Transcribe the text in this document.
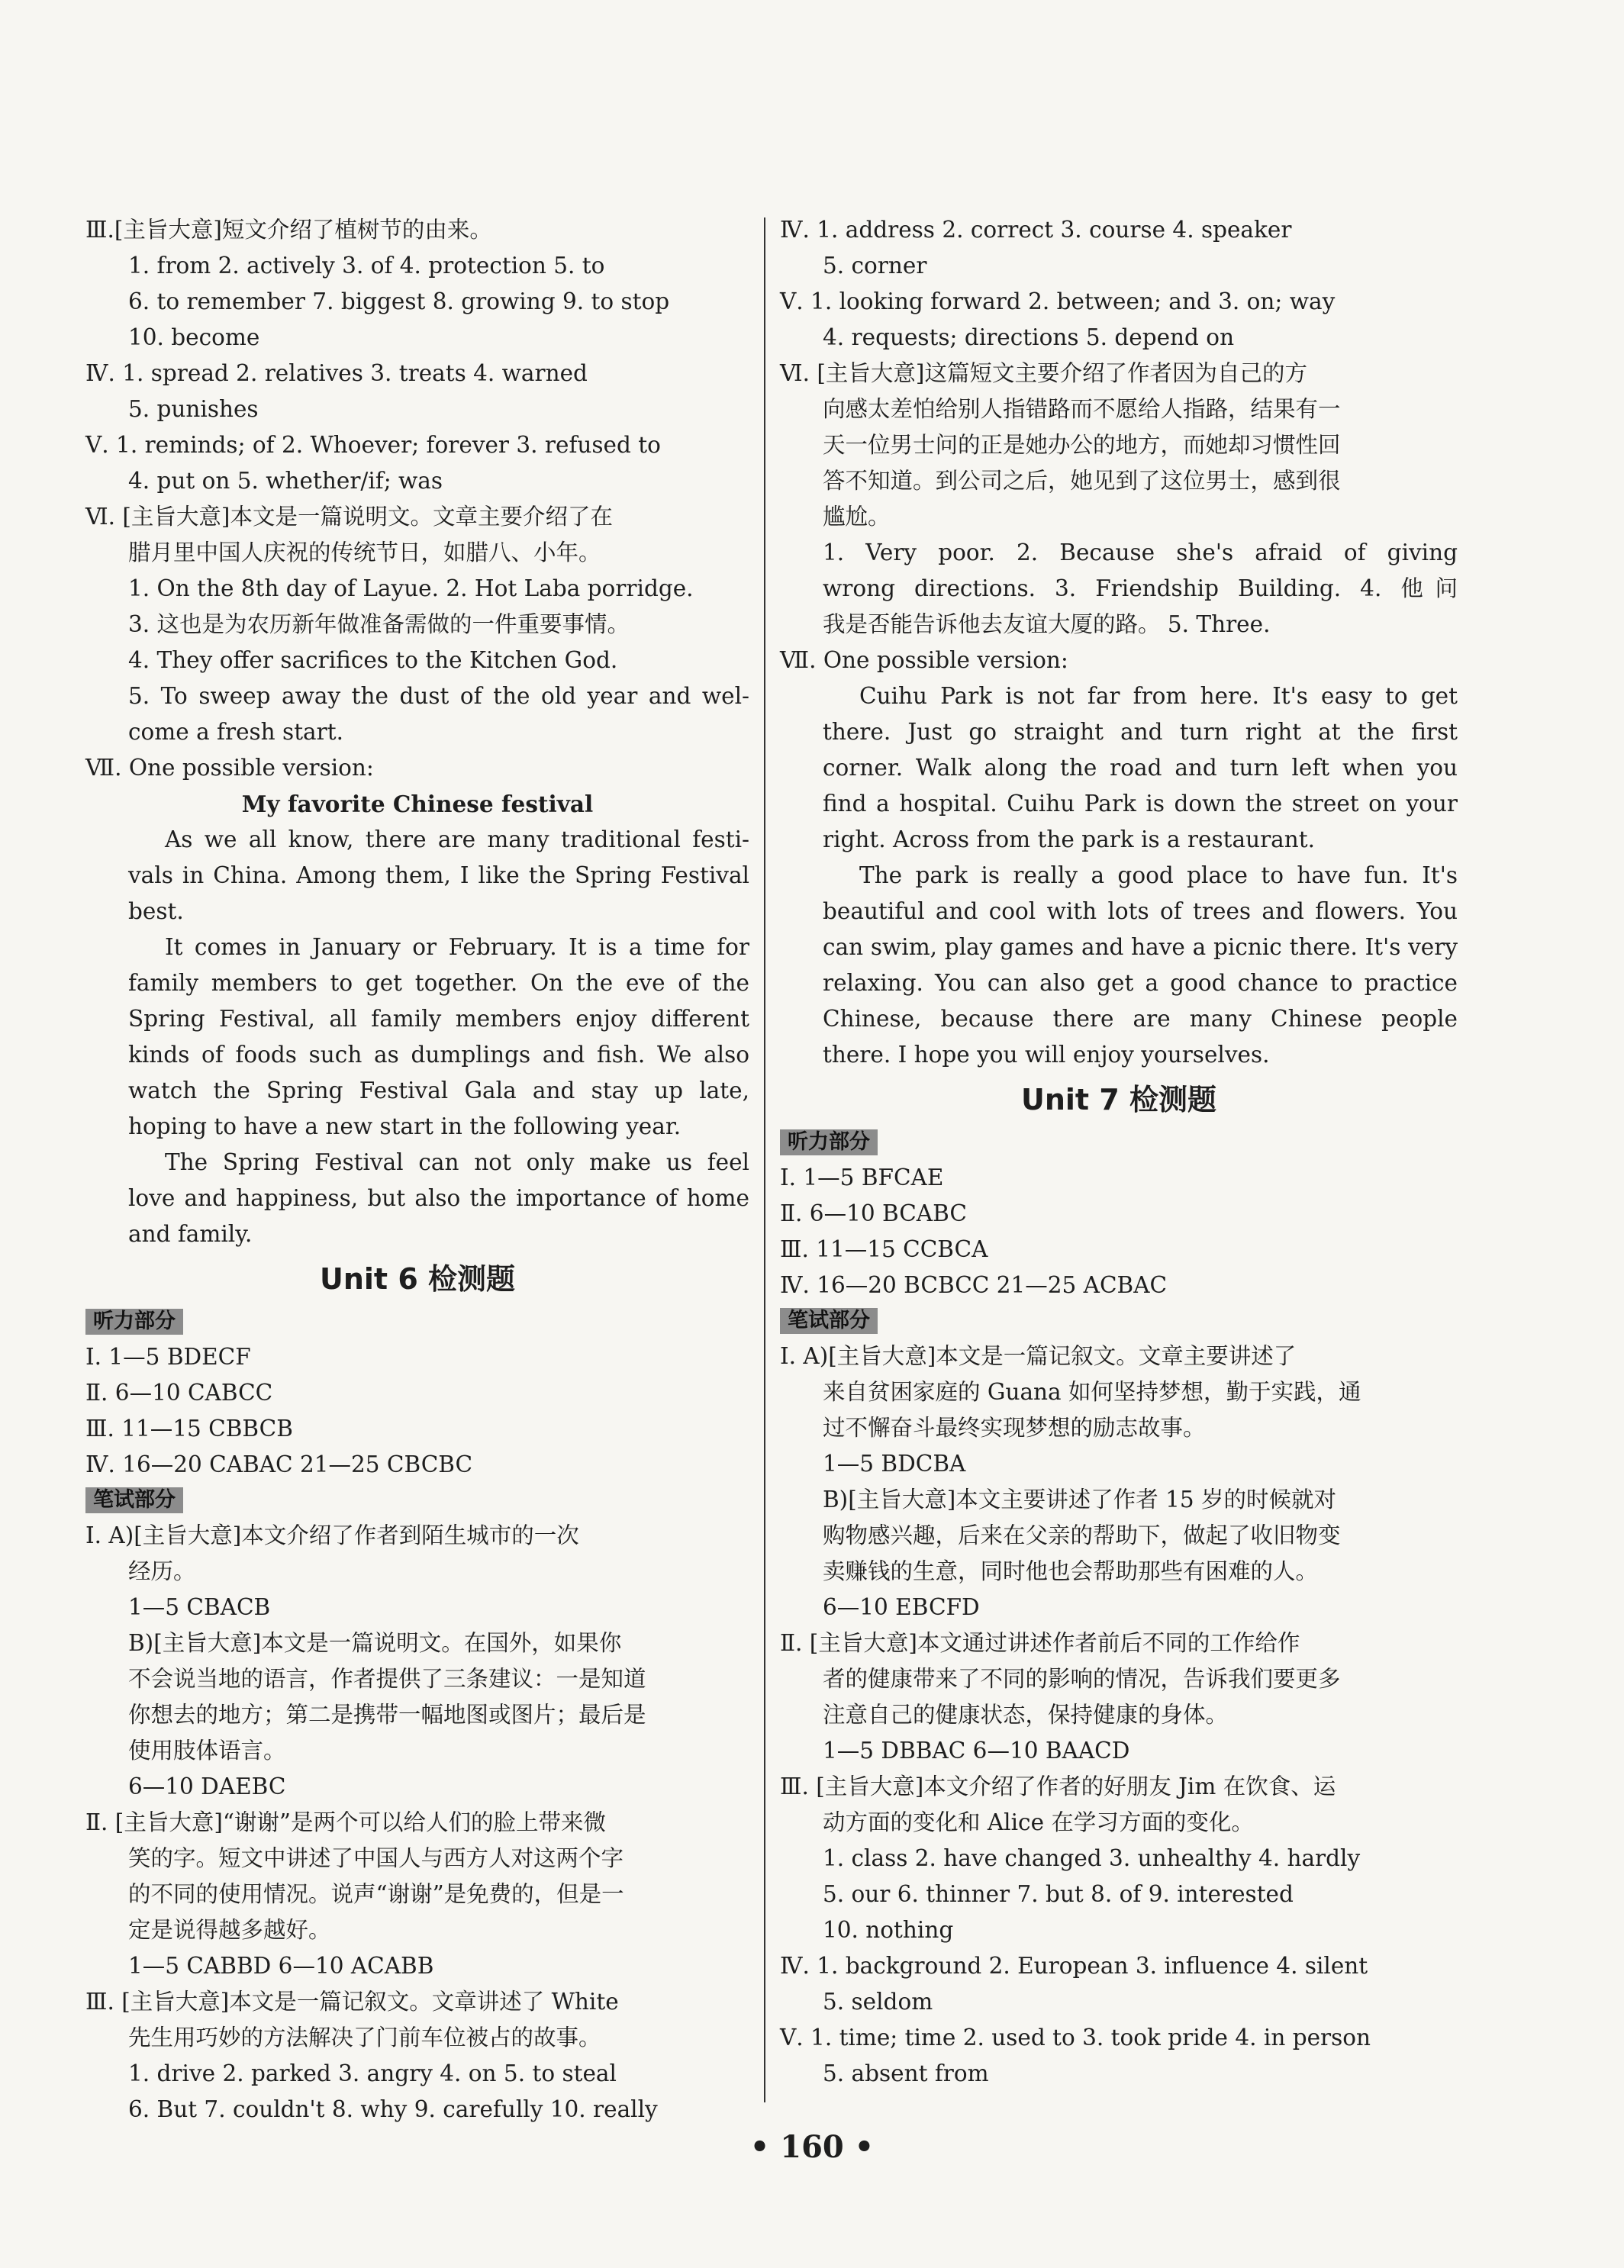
Ⅲ.[主旨大意]短文介绍了植树节的由来。
1. from 2. actively 3. of 4. protection 5. to
6. to remember 7. biggest 8. growing 9. to stop
10. become
Ⅳ. 1. spread 2. relatives 3. treats 4. warned
5. punishes
Ⅴ. 1. reminds; of 2. Whoever; forever 3. refused to
4. put on 5. whether/if; was
Ⅵ. [主旨大意]本文是一篇说明文。文章主要介绍了在
腊月里中国人庆祝的传统节日，如腊八、小年。
1. On the 8th day of Layue. 2. Hot Laba porridge.
3. 这也是为农历新年做准备需做的一件重要事情。
4. They offer sacrifices to the Kitchen God.
5. To sweep away the dust of the old year and wel-
come a fresh start.
Ⅶ. One possible version:
My favorite Chinese festival
As we all know, there are many traditional festi-
vals in China. Among them, I like the Spring Festival
best.
It comes in January or February. It is a time for
family members to get together. On the eve of the
Spring Festival, all family members enjoy different
kinds of foods such as dumplings and fish. We also
watch the Spring Festival Gala and stay up late,
hoping to have a new start in the following year.
The Spring Festival can not only make us feel
love and happiness, but also the importance of home
and family.
Unit 6 检测题
听力部分
Ⅰ. 1—5 BDECF
Ⅱ. 6—10 CABCC
Ⅲ. 11—15 CBBCB
Ⅳ. 16—20 CABAC 21—25 CBCBC
笔试部分
Ⅰ. A)[主旨大意]本文介绍了作者到陌生城市的一次
经历。
1—5 CBACB
B)[主旨大意]本文是一篇说明文。在国外，如果你
不会说当地的语言，作者提供了三条建议：一是知道
你想去的地方；第二是携带一幅地图或图片；最后是
使用肢体语言。
6—10 DAEBC
Ⅱ. [主旨大意]“谢谢”是两个可以给人们的脸上带来微
笑的字。短文中讲述了中国人与西方人对这两个字
的不同的使用情况。说声“谢谢”是免费的，但是一
定是说得越多越好。
1—5 CABBD 6—10 ACABB
Ⅲ. [主旨大意]本文是一篇记叙文。文章讲述了 White
先生用巧妙的方法解决了门前车位被占的故事。
1. drive 2. parked 3. angry 4. on 5. to steal
6. But 7. couldn't 8. why 9. carefully 10. really
Ⅳ. 1. address 2. correct 3. course 4. speaker
5. corner
Ⅴ. 1. looking forward 2. between; and 3. on; way
4. requests; directions 5. depend on
Ⅵ. [主旨大意]这篇短文主要介绍了作者因为自己的方
向感太差怕给别人指错路而不愿给人指路，结果有一
天一位男士问的正是她办公的地方，而她却习惯性回
答不知道。到公司之后，她见到了这位男士，感到很
尴尬。
1. Very poor. 2. Because she's afraid of giving
wrong directions. 3. Friendship Building. 4. 他问
我是否能告诉他去友谊大厦的路。 5. Three.
Ⅶ. One possible version:
Cuihu Park is not far from here. It's easy to get
there. Just go straight and turn right at the first
corner. Walk along the road and turn left when you
find a hospital. Cuihu Park is down the street on your
right. Across from the park is a restaurant.
The park is really a good place to have fun. It's
beautiful and cool with lots of trees and flowers. You
can swim, play games and have a picnic there. It's very
relaxing. You can also get a good chance to practice
Chinese, because there are many Chinese people
there. I hope you will enjoy yourselves.
Unit 7 检测题
听力部分
Ⅰ. 1—5 BFCAE
Ⅱ. 6—10 BCABC
Ⅲ. 11—15 CCBCA
Ⅳ. 16—20 BCBCC 21—25 ACBAC
笔试部分
Ⅰ. A)[主旨大意]本文是一篇记叙文。文章主要讲述了
来自贫困家庭的 Guana 如何坚持梦想，勤于实践，通
过不懈奋斗最终实现梦想的励志故事。
1—5 BDCBA
B)[主旨大意]本文主要讲述了作者 15 岁的时候就对
购物感兴趣，后来在父亲的帮助下，做起了收旧物变
卖赚钱的生意，同时他也会帮助那些有困难的人。
6—10 EBCFD
Ⅱ. [主旨大意]本文通过讲述作者前后不同的工作给作
者的健康带来了不同的影响的情况，告诉我们要更多
注意自己的健康状态，保持健康的身体。
1—5 DBBAC 6—10 BAACD
Ⅲ. [主旨大意]本文介绍了作者的好朋友 Jim 在饮食、运
动方面的变化和 Alice 在学习方面的变化。
1. class 2. have changed 3. unhealthy 4. hardly
5. our 6. thinner 7. but 8. of 9. interested
10. nothing
Ⅳ. 1. background 2. European 3. influence 4. silent
5. seldom
Ⅴ. 1. time; time 2. used to 3. took pride 4. in person
5. absent from
• 160 •
